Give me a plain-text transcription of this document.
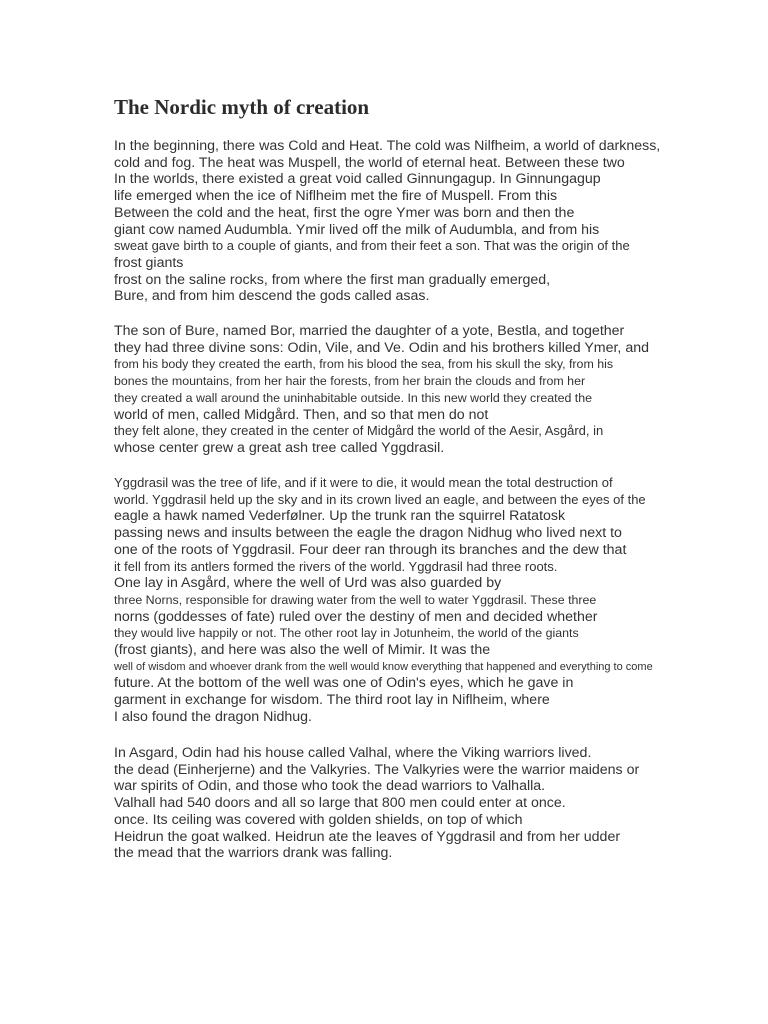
The Nordic myth of creation
In the beginning, there was Cold and Heat. The cold was Nilfheim, a world of darkness,
cold and fog. The heat was Muspell, the world of eternal heat. Between these two
In the worlds, there existed a great void called Ginnungagup. In Ginnungagup
life emerged when the ice of Niflheim met the fire of Muspell. From this
Between the cold and the heat, first the ogre Ymer was born and then the
giant cow named Audumbla. Ymir lived off the milk of Audumbla, and from his
sweat gave birth to a couple of giants, and from their feet a son. That was the origin of the
frost giants
frost on the saline rocks, from where the first man gradually emerged,
Bure, and from him descend the gods called asas.
The son of Bure, named Bor, married the daughter of a yote, Bestla, and together
they had three divine sons: Odin, Vile, and Ve. Odin and his brothers killed Ymer, and
from his body they created the earth, from his blood the sea, from his skull the sky, from his
bones the mountains, from her hair the forests, from her brain the clouds and from her
they created a wall around the uninhabitable outside. In this new world they created the
world of men, called Midgård. Then, and so that men do not
they felt alone, they created in the center of Midgård the world of the Aesir, Asgård, in
whose center grew a great ash tree called Yggdrasil.
Yggdrasil was the tree of life, and if it were to die, it would mean the total destruction of
world. Yggdrasil held up the sky and in its crown lived an eagle, and between the eyes of the
eagle a hawk named Vederfølner. Up the trunk ran the squirrel Ratatosk
passing news and insults between the eagle the dragon Nidhug who lived next to
one of the roots of Yggdrasil. Four deer ran through its branches and the dew that
it fell from its antlers formed the rivers of the world. Yggdrasil had three roots.
One lay in Asgård, where the well of Urd was also guarded by
three Norns, responsible for drawing water from the well to water Yggdrasil. These three
norns (goddesses of fate) ruled over the destiny of men and decided whether
they would live happily or not. The other root lay in Jotunheim, the world of the giants
(frost giants), and here was also the well of Mimir. It was the
well of wisdom and whoever drank from the well would know everything that happened and everything to come
future. At the bottom of the well was one of Odin's eyes, which he gave in
garment in exchange for wisdom. The third root lay in Niflheim, where
I also found the dragon Nidhug.
In Asgard, Odin had his house called Valhal, where the Viking warriors lived.
the dead (Einherjerne) and the Valkyries. The Valkyries were the warrior maidens or
war spirits of Odin, and those who took the dead warriors to Valhalla.
Valhall had 540 doors and all so large that 800 men could enter at once.
once. Its ceiling was covered with golden shields, on top of which
Heidrun the goat walked. Heidrun ate the leaves of Yggdrasil and from her udder
the mead that the warriors drank was falling.
